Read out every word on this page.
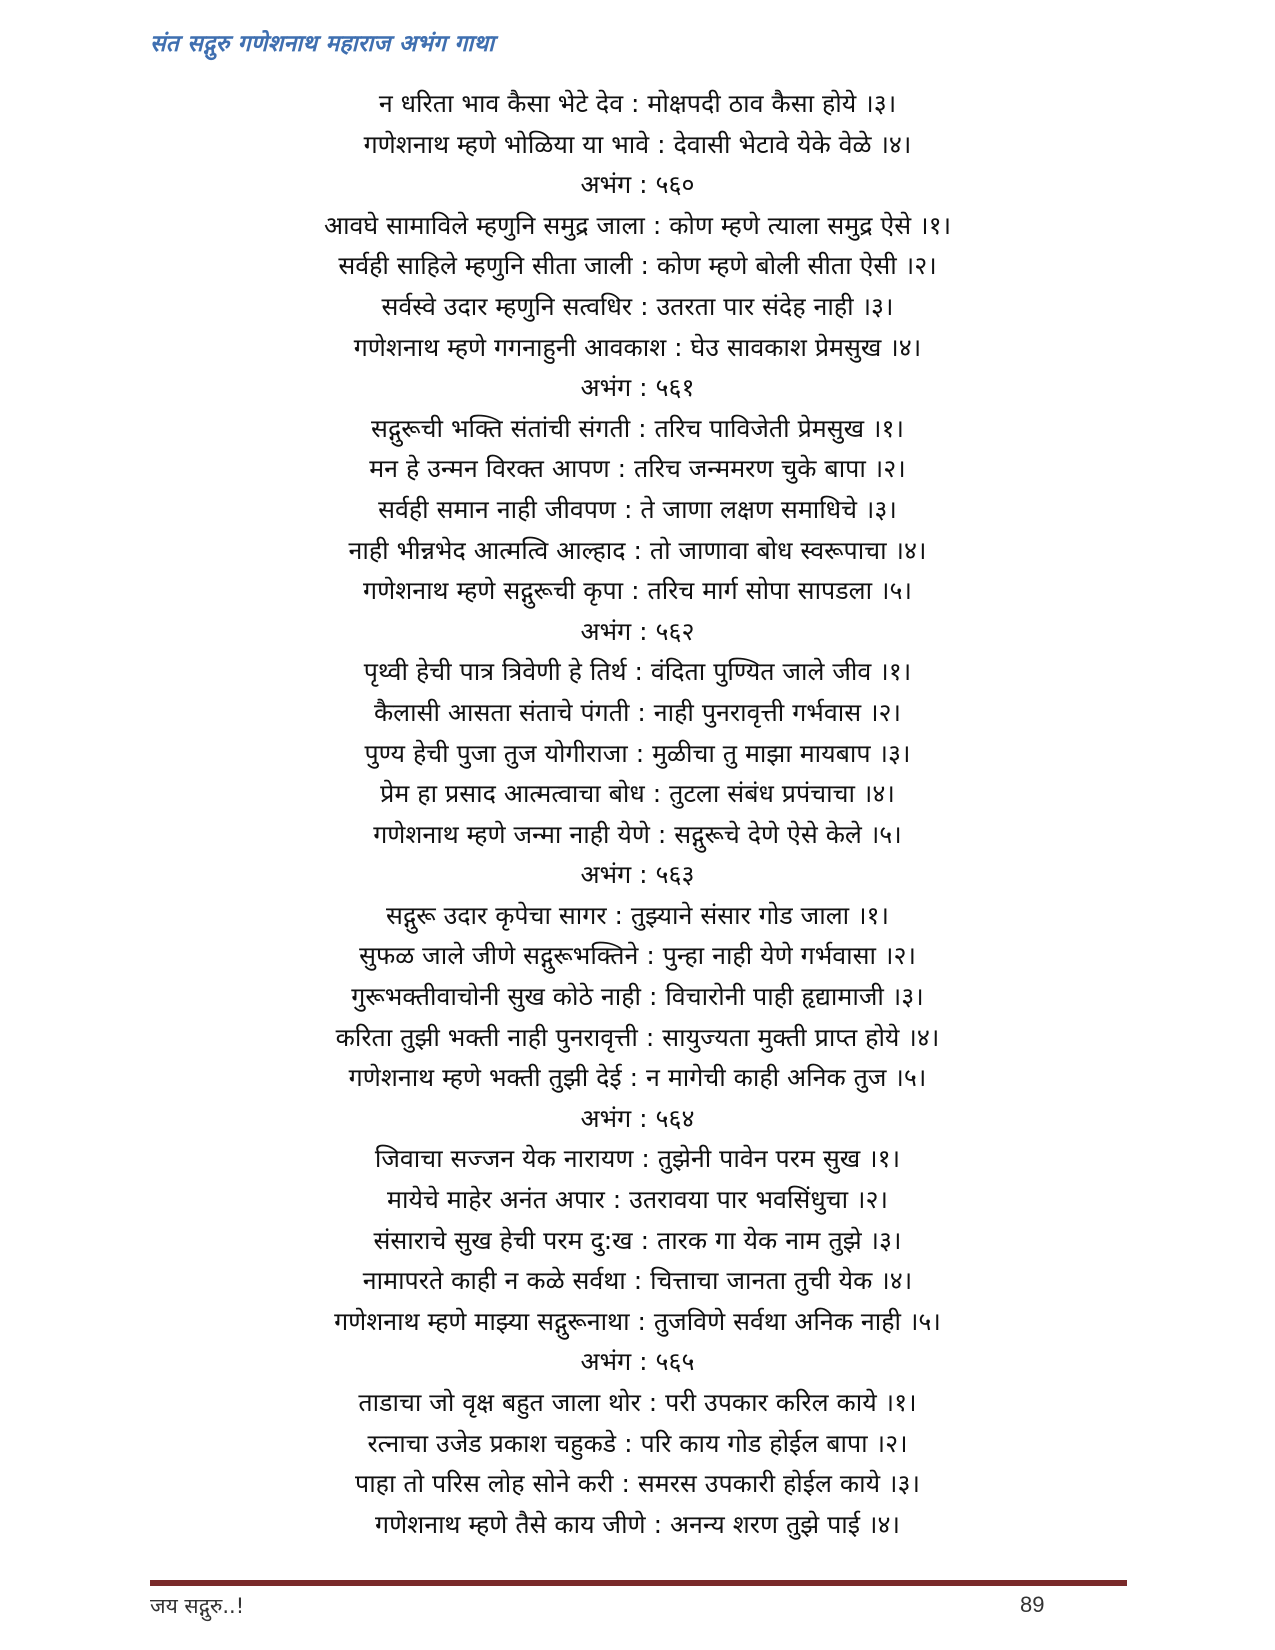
संत सद्गुरु गणेशनाथ महाराज अभंग गाथा
न धरिता भाव कैसा भेटे देव : मोक्षपदी ठाव कैसा होये ।३।
गणेशनाथ म्हणे भोळिया या भावे : देवासी भेटावे येके वेळे ।४।
अभंग : ५६०
आवघे सामाविले म्हणुनि समुद्र जाला : कोण म्हणे त्याला समुद्र ऐसे ।१।
सर्वही साहिले म्हणुनि सीता जाली : कोण म्हणे बोली सीता ऐसी ।२।
सर्वस्वे उदार म्हणुनि सत्वधिर : उतरता पार संदेह नाही ।३।
गणेशनाथ म्हणे गगनाहुनी आवकाश : घेउ सावकाश प्रेमसुख ।४।
अभंग : ५६१
सद्गुरूची भक्ति संतांची संगती : तरिच पाविजेती प्रेमसुख ।१।
मन हे उन्मन विरक्त आपण : तरिच जन्ममरण चुके बापा ।२।
सर्वही समान नाही जीवपण : ते जाणा लक्षण समाधिचे ।३।
नाही भीन्नभेद आत्मत्वि आल्हाद : तो जाणावा बोध स्वरूपाचा ।४।
गणेशनाथ म्हणे सद्गुरूची कृपा : तरिच मार्ग सोपा सापडला ।५।
अभंग : ५६२
पृथ्वी हेची पात्र त्रिवेणी हे तिर्थ : वंदिता पुण्यित जाले जीव ।१।
कैलासी आसता संताचे पंगती : नाही पुनरावृत्ती गर्भवास ।२।
पुण्य हेची पुजा तुज योगीराजा : मुळीचा तु माझा मायबाप ।३।
प्रेम हा प्रसाद आत्मत्वाचा बोध : तुटला संबंध प्रपंचाचा ।४।
गणेशनाथ म्हणे जन्मा नाही येणे : सद्गुरूचे देणे ऐसे केले ।५।
अभंग : ५६३
सद्गुरू उदार कृपेचा सागर : तुझ्याने संसार गोड जाला ।१।
सुफळ जाले जीणे सद्गुरूभक्तिने : पुन्हा नाही येणे गर्भवासा ।२।
गुरूभक्तीवाचोनी सुख कोठे नाही : विचारोनी पाही हृद्यामाजी ।३।
करिता तुझी भक्ती नाही पुनरावृत्ती : सायुज्यता मुक्ती प्राप्त होये ।४।
गणेशनाथ म्हणे भक्ती तुझी देई : न मागेची काही अनिक तुज ।५।
अभंग : ५६४
जिवाचा सज्जन येक नारायण : तुझेनी पावेन परम सुख ।१।
मायेचे माहेर अनंत अपार : उतरावया पार भवसिंधुचा ।२।
संसाराचे सुख हेची परम दु:ख : तारक गा येक नाम तुझे ।३।
नामापरते काही न कळे सर्वथा : चित्ताचा जानता तुची येक ।४।
गणेशनाथ म्हणे माझ्या सद्गुरूनाथा : तुजविणे सर्वथा अनिक नाही ।५।
अभंग : ५६५
ताडाचा जो वृक्ष बहुत जाला थोर : परी उपकार करिल काये ।१।
रत्नाचा उजेड प्रकाश चहुकडे : परि काय गोड होईल बापा ।२।
पाहा तो परिस लोह सोने करी : समरस उपकारी होईल काये ।३।
गणेशनाथ म्हणे तैसे काय जीणे : अनन्य शरण तुझे पाई ।४।
जय सद्गुरु..!	89
